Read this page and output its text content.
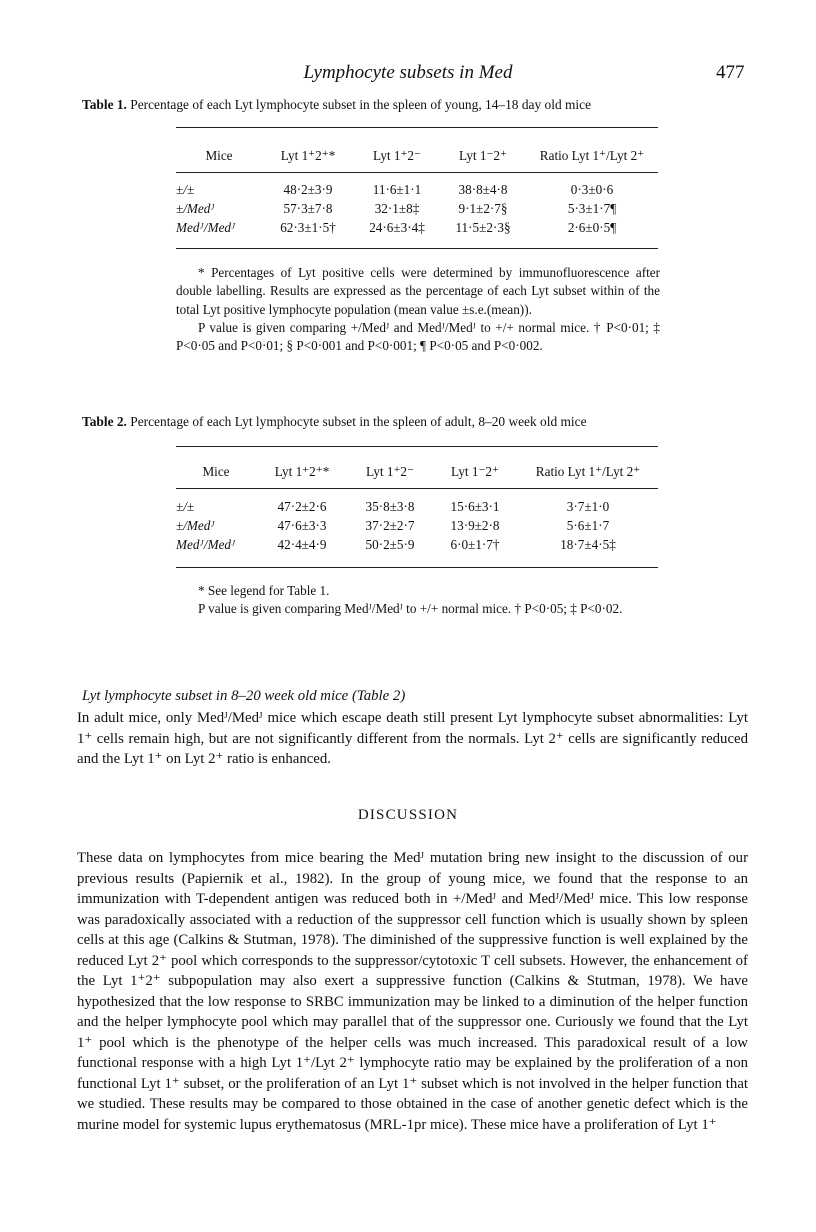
Lymphocyte subsets in Med	477
Table 1. Percentage of each Lyt lymphocyte subset in the spleen of young, 14–18 day old mice
Mice	Lyt 1⁺2⁺*	Lyt 1⁺2⁻	Lyt 1⁻2⁺	Ratio Lyt 1⁺/Lyt 2⁺
±/±	48·2±3·9	11·6±1·1	38·8±4·8	0·3±0·6
±/Medᴶ	57·3±7·8	32·1±8‡	9·1±2·7§	5·3±1·7¶
Medᴶ/Medᴶ	62·3±1·5†	24·6±3·4‡	11·5±2·3§	2·6±0·5¶

* Percentages of Lyt positive cells were determined by immunofluorescence after double labelling. Results are expressed as the percentage of each Lyt subset within of the total Lyt positive lymphocyte population (mean value ±s.e.(mean)).

P value is given comparing +/Medᴶ and Medᴶ/Medᴶ to +/+ normal mice. † P<0·01; ‡ P<0·05 and P<0·01; § P<0·001 and P<0·001; ¶ P<0·05 and P<0·002.

Table 2. Percentage of each Lyt lymphocyte subset in the spleen of adult, 8–20 week old mice
Mice	Lyt 1⁺2⁺*	Lyt 1⁺2⁻	Lyt 1⁻2⁺	Ratio Lyt 1⁺/Lyt 2⁺
±/±	47·2±2·6	35·8±3·8	15·6±3·1	3·7±1·0
±/Medᴶ	47·6±3·3	37·2±2·7	13·9±2·8	5·6±1·7
Medᴶ/Medᴶ	42·4±4·9	50·2±5·9	6·0±1·7†	18·7±4·5‡

* See legend for Table 1.

P value is given comparing Medᴶ/Medᴶ to +/+ normal mice. † P<0·05; ‡ P<0·02.

Lyt lymphocyte subset in 8–20 week old mice (Table 2)

In adult mice, only Medᴶ/Medᴶ mice which escape death still present Lyt lymphocyte subset abnormalities: Lyt 1⁺ cells remain high, but are not significantly different from the normals. Lyt 2⁺ cells are significantly reduced and the Lyt 1⁺ on Lyt 2⁺ ratio is enhanced.

DISCUSSION

These data on lymphocytes from mice bearing the Medᴶ mutation bring new insight to the discussion of our previous results (Papiernik et al., 1982). In the group of young mice, we found that the response to an immunization with T-dependent antigen was reduced both in +/Medᴶ and Medᴶ/Medᴶ mice. This low response was paradoxically associated with a reduction of the suppressor cell function which is usually shown by spleen cells at this age (Calkins & Stutman, 1978). The diminished of the suppressive function is well explained by the reduced Lyt 2⁺ pool which corresponds to the suppressor/cytotoxic T cell subsets. However, the enhancement of the Lyt 1⁺2⁺ subpopulation may also exert a suppressive function (Calkins & Stutman, 1978). We have hypothesized that the low response to SRBC immunization may be linked to a diminution of the helper function and the helper lymphocyte pool which may parallel that of the suppressor one. Curiously we found that the Lyt 1⁺ pool which is the phenotype of the helper cells was much increased. This paradoxical result of a low functional response with a high Lyt 1⁺/Lyt 2⁺ lymphocyte ratio may be explained by the proliferation of a non functional Lyt 1⁺ subset, or the proliferation of an Lyt 1⁺ subset which is not involved in the helper function that we studied. These results may be compared to those obtained in the case of another genetic defect which is the murine model for systemic lupus erythematosus (MRL-1pr mice). These mice have a proliferation of Lyt 1⁺
